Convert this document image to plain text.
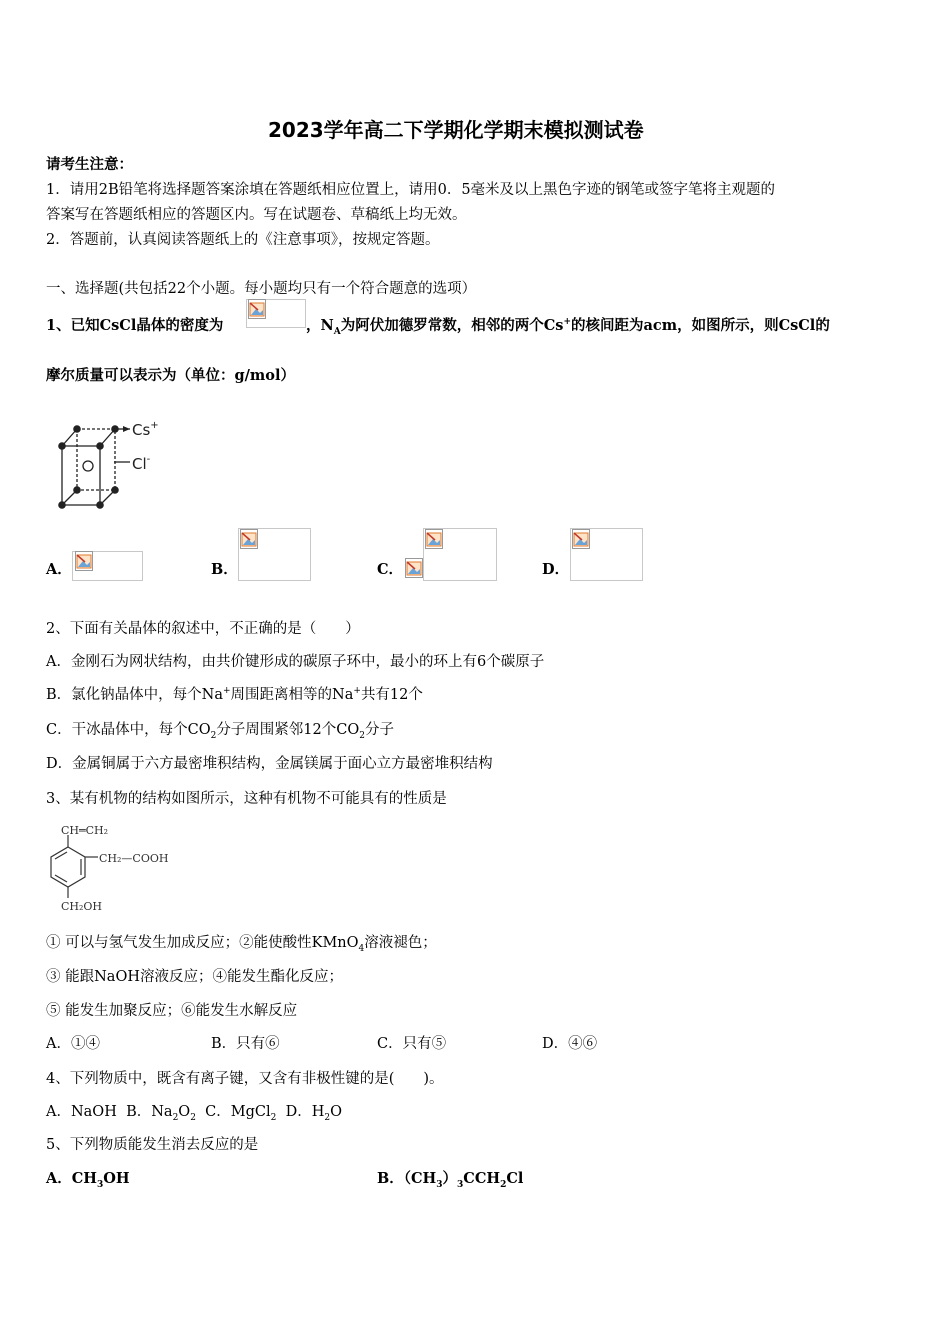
2023学年高二下学期化学期末模拟测试卷
请考生注意：
1．请用2B铅笔将选择题答案涂填在答题纸相应位置上，请用0．5毫米及以上黑色字迹的钢笔或签字笔将主观题的
答案写在答题纸相应的答题区内。写在试题卷、草稿纸上均无效。
2．答题前，认真阅读答题纸上的《注意事项》，按规定答题。
一、选择题(共包括22个小题。每小题均只有一个符合题意的选项）
1、已知CsCl晶体的密度为	，$N_A$为阿伏加德罗常数，相邻的两个Cs+的核间距为acm，如图所示，则CsCl的
摩尔质量可以表示为（单位：g/mol）
Cs+
Cl-
A．	B．	C．	D．
2、下面有关晶体的叙述中，不正确的是（　　）
A．金刚石为网状结构，由共价键形成的碳原子环中，最小的环上有6个碳原子
B．氯化钠晶体中，每个Na+周围距离相等的Na+共有12个
C．干冰晶体中，每个$CO_2$分子周围紧邻12个$CO_2$分子
D．金属铜属于六方最密堆积结构，金属镁属于面心立方最密堆积结构
3、某有机物的结构如图所示，这种有机物不可能具有的性质是
CH═CH₂
CH₂—COOH
CH₂OH
① 可以与氢气发生加成反应；②能使酸性KMnO$_4$溶液褪色；
③ 能跟NaOH溶液反应；④能发生酯化反应；
⑤ 能发生加聚反应；⑥能发生水解反应
A．①④	B．只有⑥	C．只有⑤	D．④⑥
4、下列物质中，既含有离子键，又含有非极性键的是(　　)。
A．NaOH B．$Na_2O_2$ C．MgCl$_2$ D．$H_2O$
5、下列物质能发生消去反应的是
A．$CH_3OH$	B．$(CH_3)_3CCH_2Cl$
